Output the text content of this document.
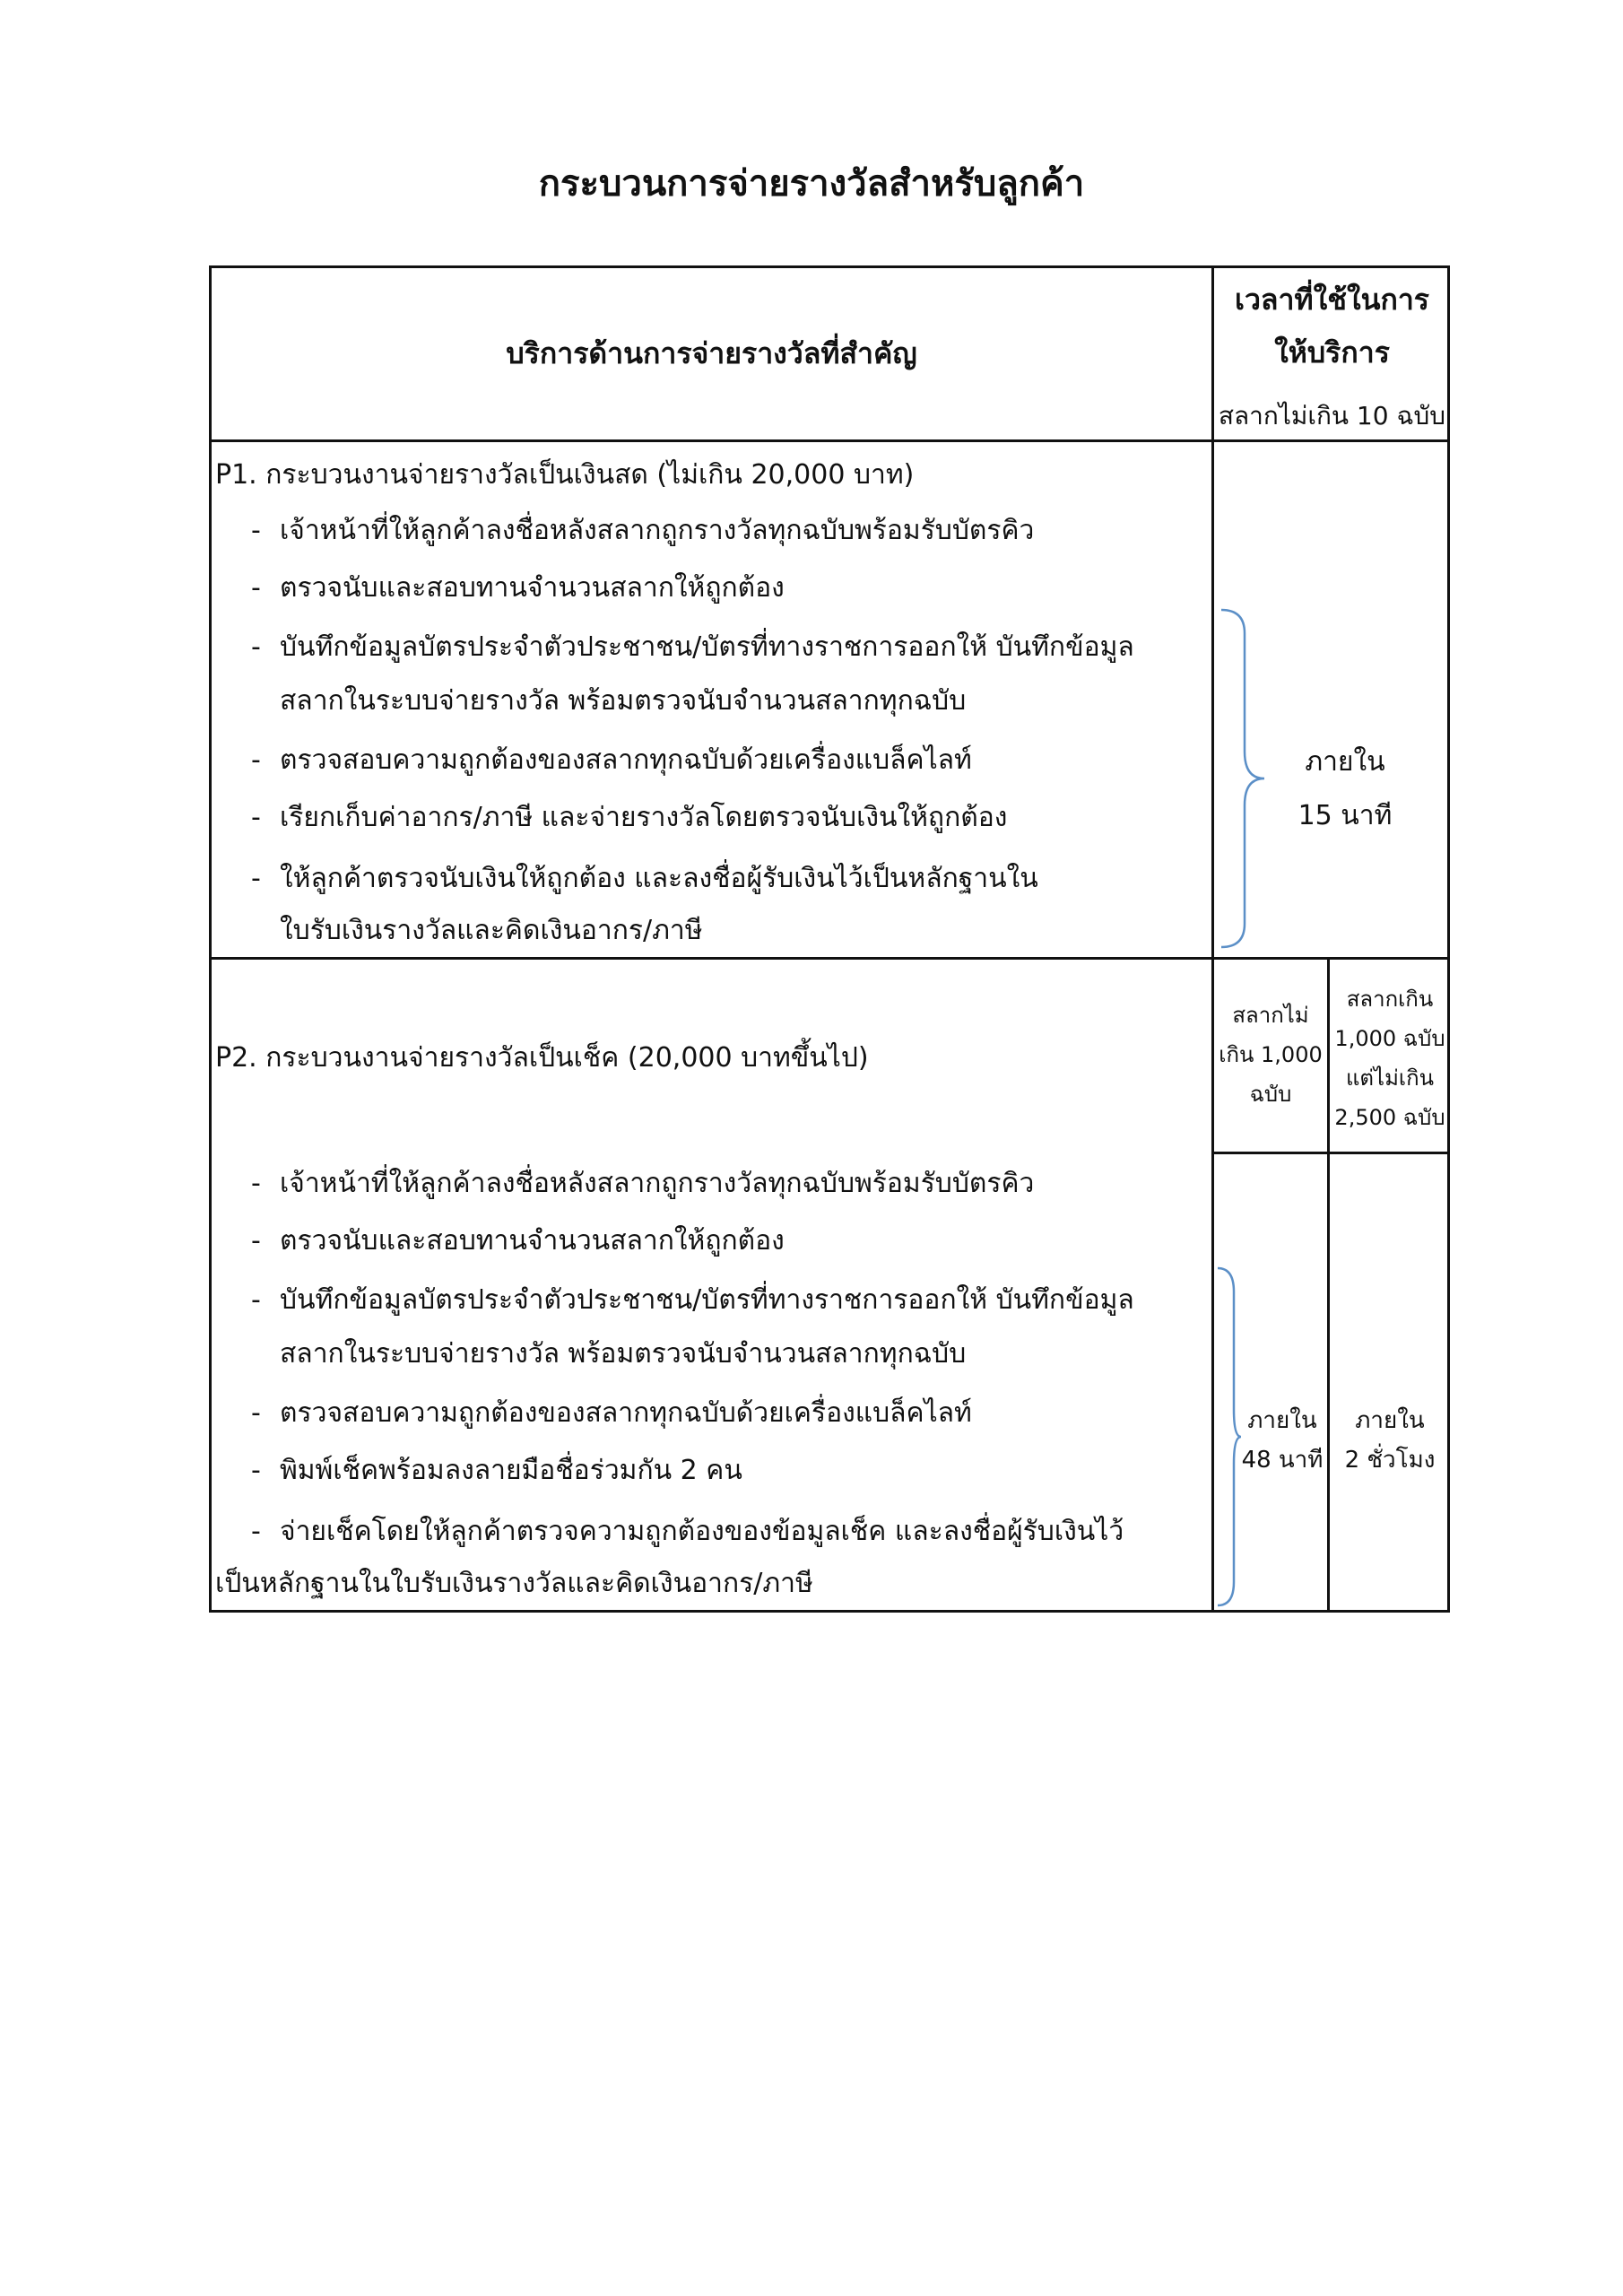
กระบวนการจ่ายรางวัลสำหรับลูกค้า
บริการด้านการจ่ายรางวัลที่สำคัญ
เวลาที่ใช้ในการ
ให้บริการ
สลากไม่เกิน 10 ฉบับ
P1. กระบวนงานจ่ายรางวัลเป็นเงินสด (ไม่เกิน 20,000 บาท)
- เจ้าหน้าที่ให้ลูกค้าลงชื่อหลังสลากถูกรางวัลทุกฉบับพร้อมรับบัตรคิว
- ตรวจนับและสอบทานจำนวนสลากให้ถูกต้อง
- บันทึกข้อมูลบัตรประจำตัวประชาชน/บัตรที่ทางราชการออกให้ บันทึกข้อมูล
สลากในระบบจ่ายรางวัล พร้อมตรวจนับจำนวนสลากทุกฉบับ
- ตรวจสอบความถูกต้องของสลากทุกฉบับด้วยเครื่องแบล็คไลท์
- เรียกเก็บค่าอากร/ภาษี และจ่ายรางวัลโดยตรวจนับเงินให้ถูกต้อง
- ให้ลูกค้าตรวจนับเงินให้ถูกต้อง และลงชื่อผู้รับเงินไว้เป็นหลักฐานใน
ใบรับเงินรางวัลและคิดเงินอากร/ภาษี
ภายใน
15 นาที
P2. กระบวนงานจ่ายรางวัลเป็นเช็ค (20,000 บาทขึ้นไป)
สลากไม่
เกิน 1,000
ฉบับ
สลากเกิน
1,000 ฉบับ
แต่ไม่เกิน
2,500 ฉบับ
- เจ้าหน้าที่ให้ลูกค้าลงชื่อหลังสลากถูกรางวัลทุกฉบับพร้อมรับบัตรคิว
- ตรวจนับและสอบทานจำนวนสลากให้ถูกต้อง
- บันทึกข้อมูลบัตรประจำตัวประชาชน/บัตรที่ทางราชการออกให้ บันทึกข้อมูล
สลากในระบบจ่ายรางวัล พร้อมตรวจนับจำนวนสลากทุกฉบับ
- ตรวจสอบความถูกต้องของสลากทุกฉบับด้วยเครื่องแบล็คไลท์
- พิมพ์เช็คพร้อมลงลายมือชื่อร่วมกัน 2 คน
- จ่ายเช็คโดยให้ลูกค้าตรวจความถูกต้องของข้อมูลเช็ค และลงชื่อผู้รับเงินไว้
เป็นหลักฐานในใบรับเงินรางวัลและคิดเงินอากร/ภาษี
ภายใน
48 นาที
ภายใน
2 ชั่วโมง
